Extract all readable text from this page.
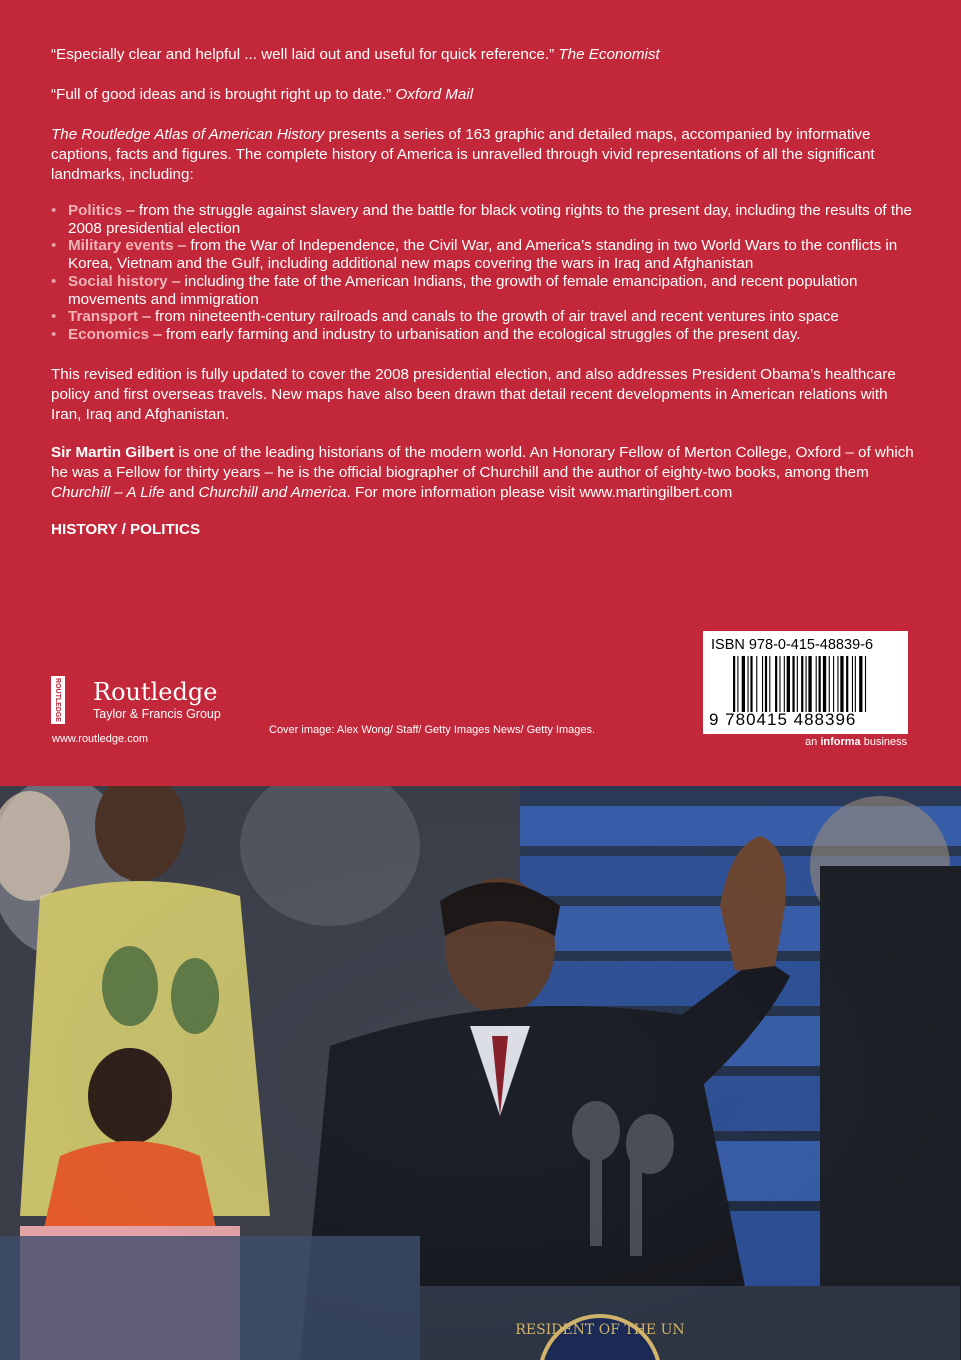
“Especially clear and helpful ... well laid out and useful for quick reference.” The Economist
“Full of good ideas and is brought right up to date.” Oxford Mail
The Routledge Atlas of American History presents a series of 163 graphic and detailed maps, accompanied by informative captions, facts and figures. The complete history of America is unravelled through vivid representations of all the significant landmarks, including:
• Politics – from the struggle against slavery and the battle for black voting rights to the present day, including the results of the 2008 presidential election
• Military events – from the War of Independence, the Civil War, and America’s standing in two World Wars to the conflicts in Korea, Vietnam and the Gulf, including additional new maps covering the wars in Iraq and Afghanistan
• Social history – including the fate of the American Indians, the growth of female emancipation, and recent population movements and immigration
• Transport – from nineteenth-century railroads and canals to the growth of air travel and recent ventures into space
• Economics – from early farming and industry to urbanisation and the ecological struggles of the present day.
This revised edition is fully updated to cover the 2008 presidential election, and also addresses President Obama’s healthcare policy and first overseas travels. New maps have also been drawn that detail recent developments in American relations with Iran, Iraq and Afghanistan.
Sir Martin Gilbert is one of the leading historians of the modern world. An Honorary Fellow of Merton College, Oxford – of which he was a Fellow for thirty years – he is the official biographer of Churchill and the author of eighty-two books, among them Churchill – A Life and Churchill and America. For more information please visit www.martingilbert.com
HISTORY / POLITICS
ROUTLEDGE Routledge
Taylor & Francis Group
www.routledge.com
Cover image: Alex Wong/ Staff/ Getty Images News/ Getty Images.
ISBN 978-0-415-48839-6
9 780415 488396
an informa business
RESIDENT OF THE UN
